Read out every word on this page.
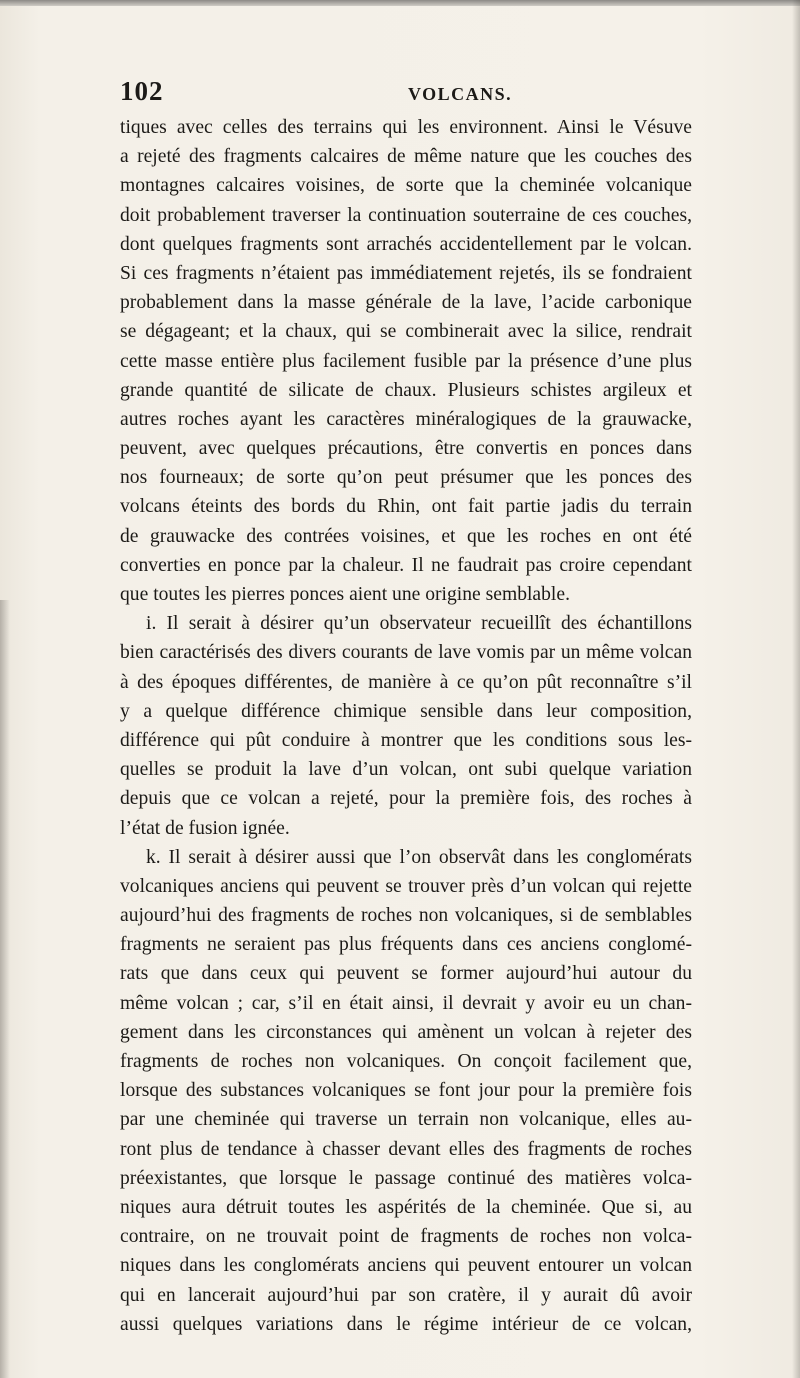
102	VOLCANS.
tiques avec celles des terrains qui les environnent. Ainsi le Vésuve
a rejeté des fragments calcaires de même nature que les couches des
montagnes calcaires voisines, de sorte que la cheminée volcanique
doit probablement traverser la continuation souterraine de ces couches,
dont quelques fragments sont arrachés accidentellement par le volcan.
Si ces fragments n’étaient pas immédiatement rejetés, ils se fondraient
probablement dans la masse générale de la lave, l’acide carbonique
se dégageant; et la chaux, qui se combinerait avec la silice, rendrait
cette masse entière plus facilement fusible par la présence d’une plus
grande quantité de silicate de chaux. Plusieurs schistes argileux et
autres roches ayant les caractères minéralogiques de la grauwacke,
peuvent, avec quelques précautions, être convertis en ponces dans
nos fourneaux; de sorte qu’on peut présumer que les ponces des
volcans éteints des bords du Rhin, ont fait partie jadis du terrain
de grauwacke des contrées voisines, et que les roches en ont été
converties en ponce par la chaleur. Il ne faudrait pas croire cependant
que toutes les pierres ponces aient une origine semblable.
i. Il serait à désirer qu’un observateur recueillît des échantillons
bien caractérisés des divers courants de lave vomis par un même volcan
à des époques différentes, de manière à ce qu’on pût reconnaître s’il
y a quelque différence chimique sensible dans leur composition,
différence qui pût conduire à montrer que les conditions sous les-
quelles se produit la lave d’un volcan, ont subi quelque variation
depuis que ce volcan a rejeté, pour la première fois, des roches à
l’état de fusion ignée.
k. Il serait à désirer aussi que l’on observât dans les conglomérats
volcaniques anciens qui peuvent se trouver près d’un volcan qui rejette
aujourd’hui des fragments de roches non volcaniques, si de semblables
fragments ne seraient pas plus fréquents dans ces anciens conglomé-
rats que dans ceux qui peuvent se former aujourd’hui autour du
même volcan ; car, s’il en était ainsi, il devrait y avoir eu un chan-
gement dans les circonstances qui amènent un volcan à rejeter des
fragments de roches non volcaniques. On conçoit facilement que,
lorsque des substances volcaniques se font jour pour la première fois
par une cheminée qui traverse un terrain non volcanique, elles au-
ront plus de tendance à chasser devant elles des fragments de roches
préexistantes, que lorsque le passage continué des matières volca-
niques aura détruit toutes les aspérités de la cheminée. Que si, au
contraire, on ne trouvait point de fragments de roches non volca-
niques dans les conglomérats anciens qui peuvent entourer un volcan
qui en lancerait aujourd’hui par son cratère, il y aurait dû avoir
aussi quelques variations dans le régime intérieur de ce volcan,
